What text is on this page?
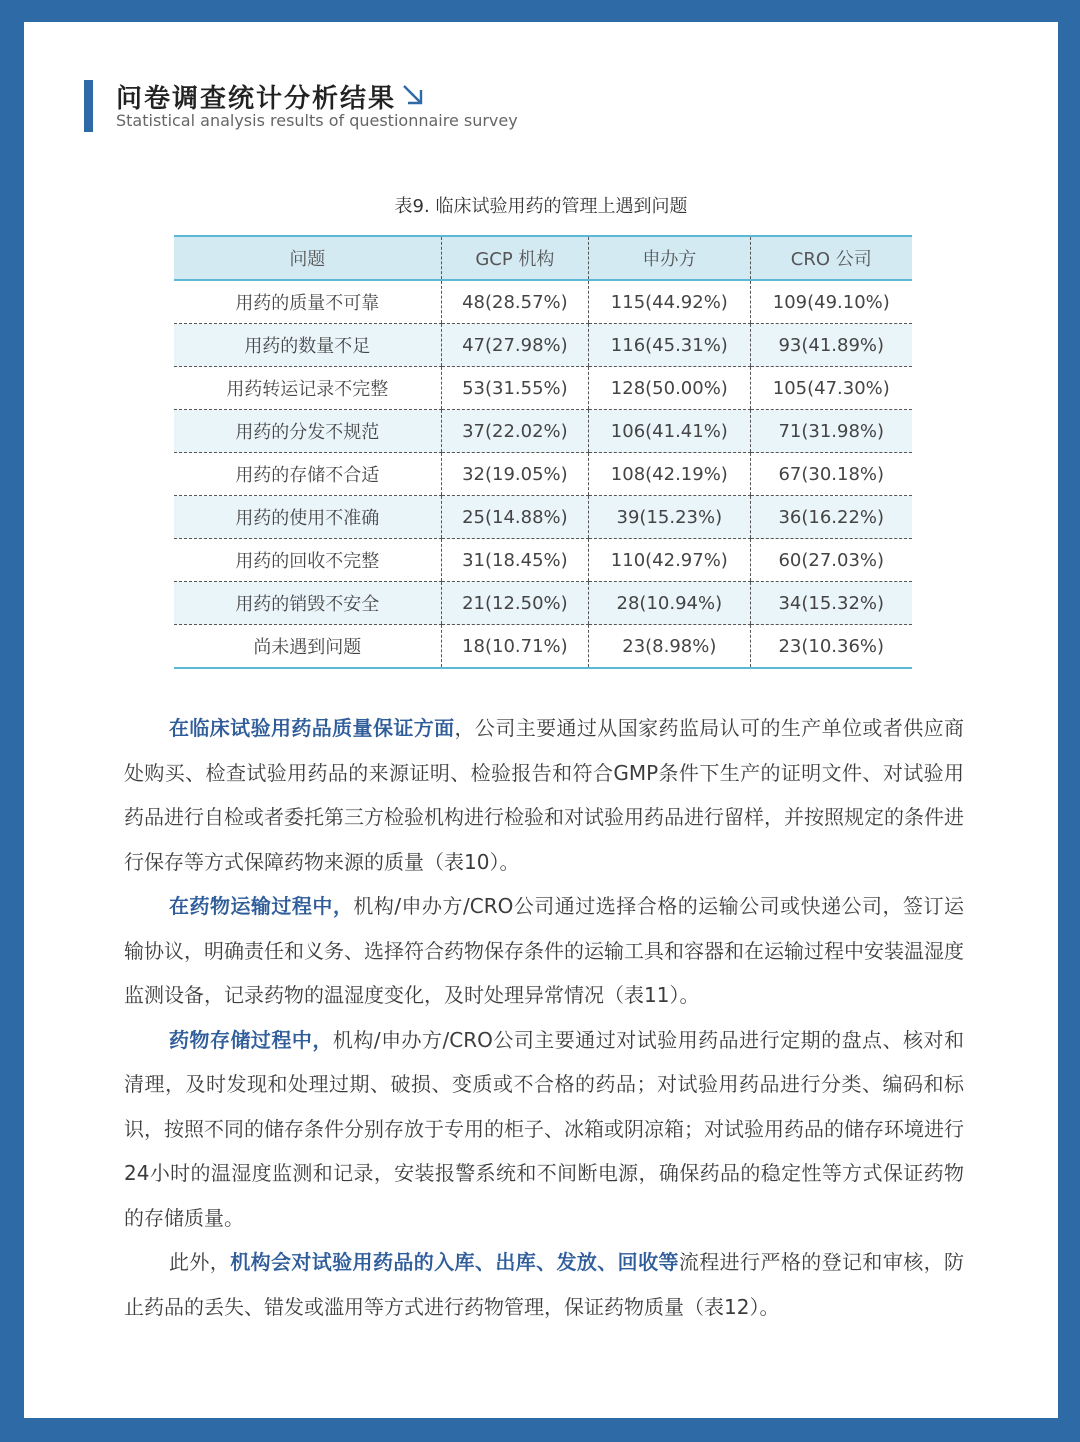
问卷调查统计分析结果
Statistical analysis results of questionnaire survey
表9. 临床试验用药的管理上遇到问题
问题	GCP 机构	申办方	CRO 公司
用药的质量不可靠	48(28.57%)	115(44.92%)	109(49.10%)
用药的数量不足	47(27.98%)	116(45.31%)	93(41.89%)
用药转运记录不完整	53(31.55%)	128(50.00%)	105(47.30%)
用药的分发不规范	37(22.02%)	106(41.41%)	71(31.98%)
用药的存储不合适	32(19.05%)	108(42.19%)	67(30.18%)
用药的使用不准确	25(14.88%)	39(15.23%)	36(16.22%)
用药的回收不完整	31(18.45%)	110(42.97%)	60(27.03%)
用药的销毁不安全	21(12.50%)	28(10.94%)	34(15.32%)
尚未遇到问题	18(10.71%)	23(8.98%)	23(10.36%)

在临床试验用药品质量保证方面，公司主要通过从国家药监局认可的生产单位或者供应商处购买、检查试验用药品的来源证明、检验报告和符合GMP条件下生产的证明文件、对试验用药品进行自检或者委托第三方检验机构进行检验和对试验用药品进行留样，并按照规定的条件进行保存等方式保障药物来源的质量（表10）。

在药物运输过程中，机构/申办方/CRO公司通过选择合格的运输公司或快递公司，签订运输协议，明确责任和义务、选择符合药物保存条件的运输工具和容器和在运输过程中安装温湿度监测设备，记录药物的温湿度变化，及时处理异常情况（表11）。

药物存储过程中，机构/申办方/CRO公司主要通过对试验用药品进行定期的盘点、核对和清理，及时发现和处理过期、破损、变质或不合格的药品；对试验用药品进行分类、编码和标识，按照不同的储存条件分别存放于专用的柜子、冰箱或阴凉箱；对试验用药品的储存环境进行24小时的温湿度监测和记录，安装报警系统和不间断电源，确保药品的稳定性等方式保证药物的存储质量。

此外，机构会对试验用药品的入库、出库、发放、回收等流程进行严格的登记和审核，防止药品的丢失、错发或滥用等方式进行药物管理，保证药物质量（表12）。
